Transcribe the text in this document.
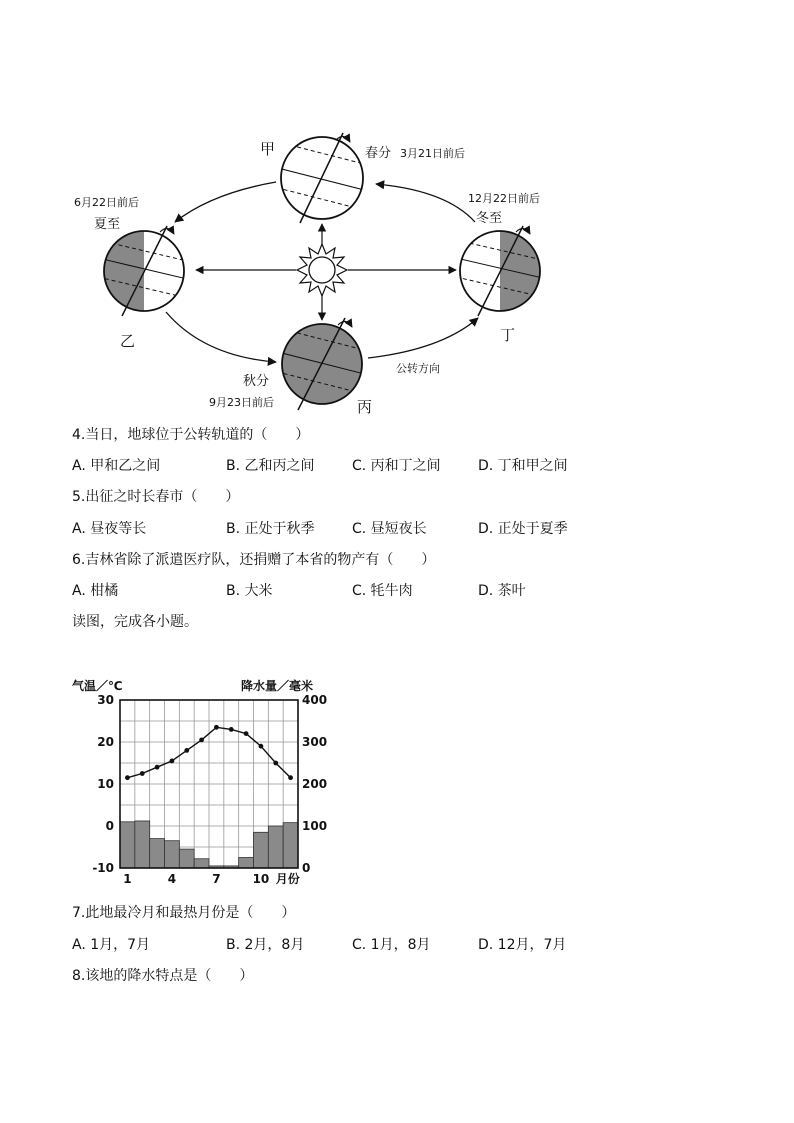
甲
乙
丙
丁
春分 3月21日前后
6月22日前后
夏至
12月22日前后
冬至
秋分
9月23日前后
公转方向
4.当日，地球位于公转轨道的（　　）
A. 甲和乙之间	B. 乙和丙之间	C. 丙和丁之间	D. 丁和甲之间
5.出征之时长春市（　　）
A. 昼夜等长	B. 正处于秋季	C. 昼短夜长	D. 正处于夏季
6.吉林省除了派遣医疗队，还捐赠了本省的物产有（　　）
A. 柑橘	B. 大米	C. 牦牛肉	D. 茶叶
读图，完成各小题。
气温／℃	降水量／毫米
30
20
10
0
-10
400
300
200
100
0
1	4	7	10 月份
7.此地最冷月和最热月份是（　　）
A. 1月，7月	B. 2月，8月	C. 1月，8月	D. 12月，7月
8.该地的降水特点是（　　）
